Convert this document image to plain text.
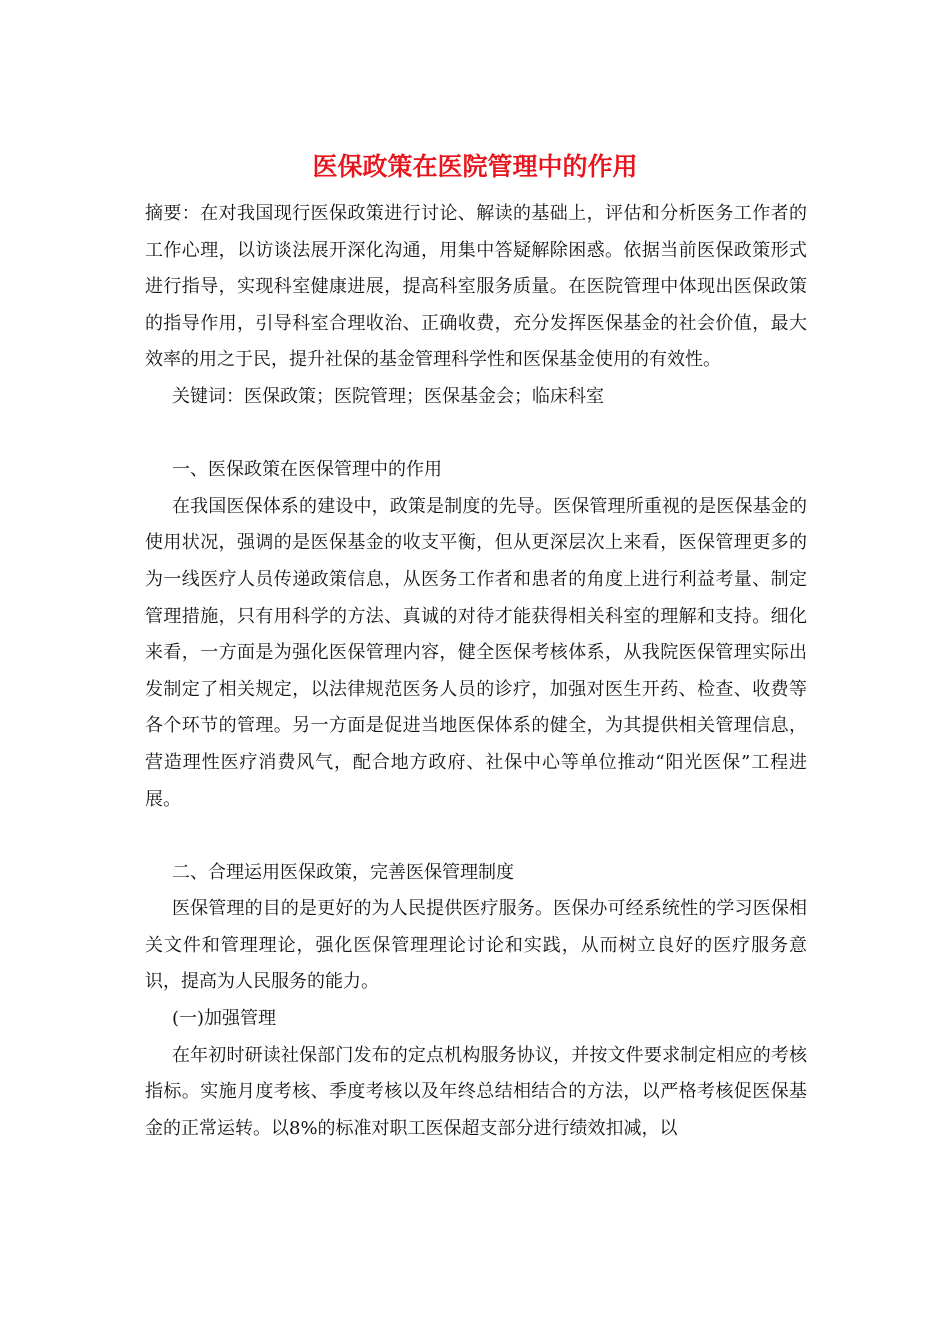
医保政策在医院管理中的作用

摘要：在对我国现行医保政策进行讨论、解读的基础上，评估和分析医务工作者的工作心理，以访谈法展开深化沟通，用集中答疑解除困惑。依据当前医保政策形式进行指导，实现科室健康进展，提高科室服务质量。在医院管理中体现出医保政策的指导作用，引导科室合理收治、正确收费，充分发挥医保基金的社会价值，最大效率的用之于民，提升社保的基金管理科学性和医保基金使用的有效性。

关键词：医保政策；医院管理；医保基金会；临床科室

一、医保政策在医保管理中的作用

在我国医保体系的建设中，政策是制度的先导。医保管理所重视的是医保基金的使用状况，强调的是医保基金的收支平衡，但从更深层次上来看，医保管理更多的为一线医疗人员传递政策信息，从医务工作者和患者的角度上进行利益考量、制定管理措施，只有用科学的方法、真诚的对待才能获得相关科室的理解和支持。细化来看，一方面是为强化医保管理内容，健全医保考核体系，从我院医保管理实际出发制定了相关规定，以法律规范医务人员的诊疗，加强对医生开药、检查、收费等各个环节的管理。另一方面是促进当地医保体系的健全，为其提供相关管理信息，营造理性医疗消费风气，配合地方政府、社保中心等单位推动“阳光医保”工程进展。

二、合理运用医保政策，完善医保管理制度

医保管理的目的是更好的为人民提供医疗服务。医保办可经系统性的学习医保相关文件和管理理论，强化医保管理理论讨论和实践，从而树立良好的医疗服务意识，提高为人民服务的能力。

(一)加强管理

在年初时研读社保部门发布的定点机构服务协议，并按文件要求制定相应的考核指标。实施月度考核、季度考核以及年终总结相结合的方法，以严格考核促医保基金的正常运转。以8%的标准对职工医保超支部分进行绩效扣减，以
